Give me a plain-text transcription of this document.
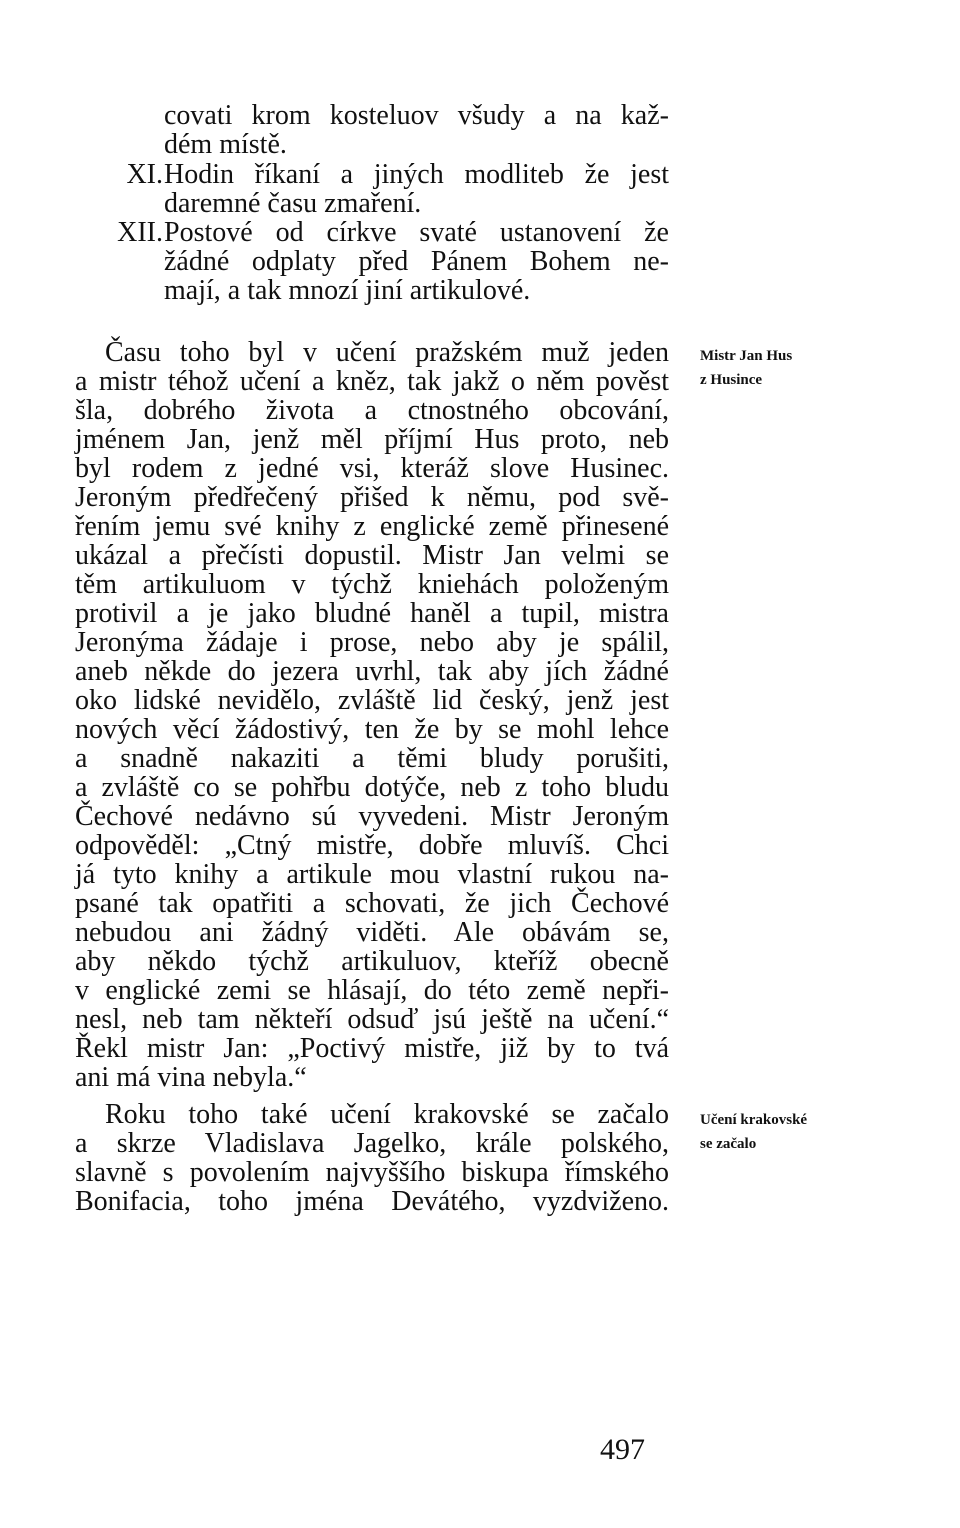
covati krom kosteluov všudy a na kaž-
dém místě.
XI. Hodin říkaní a jiných modliteb že jest
daremné času zmaření.
XII. Postové od církve svaté ustanovení že
žádné odplaty před Pánem Bohem ne-
mají, a tak mnozí jiní artikulové.
Času toho byl v učení pražském muž jeden
a mistr téhož učení a kněz, tak jakž o něm pověst
šla, dobrého života a ctnostného obcování,
jménem Jan, jenž měl příjmí Hus proto, neb
byl rodem z jedné vsi, kteráž slove Husinec.
Jeroným předřečený přišed k němu, pod svě-
řením jemu své knihy z englické země přinesené
ukázal a přečísti dopustil. Mistr Jan velmi se
těm artikuluom v týchž kniehách položeným
protivil a je jako bludné haněl a tupil, mistra
Jeronýma žádaje i prose, nebo aby je spálil,
aneb někde do jezera uvrhl, tak aby jích žádné
oko lidské nevidělo, zvláště lid český, jenž jest
nových věcí žádostivý, ten že by se mohl lehce
a snadně nakaziti a těmi bludy porušiti,
a zvláště co se pohřbu dotýče, neb z toho bludu
Čechové nedávno sú vyvedeni. Mistr Jeroným
odpověděl: „Ctný mistře, dobře mluvíš. Chci
já tyto knihy a artikule mou vlastní rukou na-
psané tak opatřiti a schovati, že jich Čechové
nebudou ani žádný viděti. Ale obávám se,
aby někdo týchž artikuluov, kteříž obecně
v englické zemi se hlásají, do této země nepři-
nesl, neb tam někteří odsuď jsú ještě na učení.“
Řekl mistr Jan: „Poctivý mistře, již by to tvá
ani má vina nebyla.“
Roku toho také učení krakovské se začalo
a skrze Vladislava Jagelko, krále polského,
slavně s povolením najvyššího biskupa římského
Bonifacia, toho jména Devátého, vyzdviženo.
Mistr Jan Hus
z Husince
Učení krakovské
se začalo
497
